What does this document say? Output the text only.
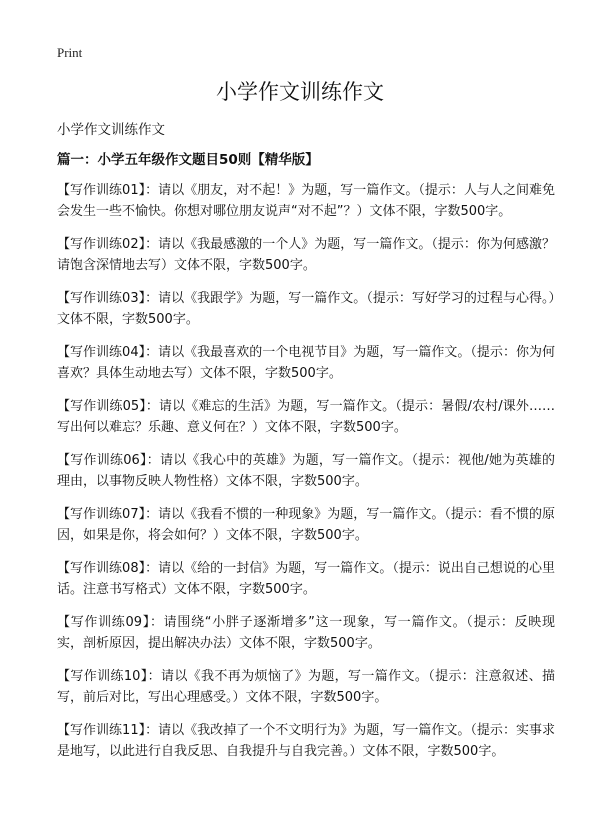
Print
小学作文训练作文

小学作文训练作文

篇一：小学五年级作文题目50则【精华版】

【写作训练01】：请以《朋友，对不起！》为题，写一篇作文。（提示：人与人之间难免会发生一些不愉快。你想对哪位朋友说声“对不起”？）文体不限，字数500字。
【写作训练02】：请以《我最感激的一个人》为题，写一篇作文。（提示：你为何感激？请饱含深情地去写）文体不限，字数500字。
【写作训练03】：请以《我跟学》为题，写一篇作文。（提示：写好学习的过程与心得。）文体不限，字数500字。
【写作训练04】：请以《我最喜欢的一个电视节目》为题，写一篇作文。（提示：你为何喜欢？具体生动地去写）文体不限，字数500字。
【写作训练05】：请以《难忘的生活》为题，写一篇作文。（提示：暑假/农村/课外……写出何以难忘？乐趣、意义何在？）文体不限，字数500字。
【写作训练06】：请以《我心中的英雄》为题，写一篇作文。（提示：视他/她为英雄的理由，以事物反映人物性格）文体不限，字数500字。
【写作训练07】：请以《我看不惯的一种现象》为题，写一篇作文。（提示：看不惯的原因，如果是你，将会如何？）文体不限，字数500字。
【写作训练08】：请以《给的一封信》为题，写一篇作文。（提示：说出自己想说的心里话。注意书写格式）文体不限，字数500字。
【写作训练09】：请围绕“小胖子逐渐增多”这一现象，写一篇作文。（提示：反映现实，剖析原因，提出解决办法）文体不限，字数500字。
【写作训练10】：请以《我不再为烦恼了》为题，写一篇作文。（提示：注意叙述、描写，前后对比，写出心理感受。）文体不限，字数500字。
【写作训练11】：请以《我改掉了一个不文明行为》为题，写一篇作文。（提示：实事求是地写，以此进行自我反思、自我提升与自我完善。）文体不限，字数500字。
